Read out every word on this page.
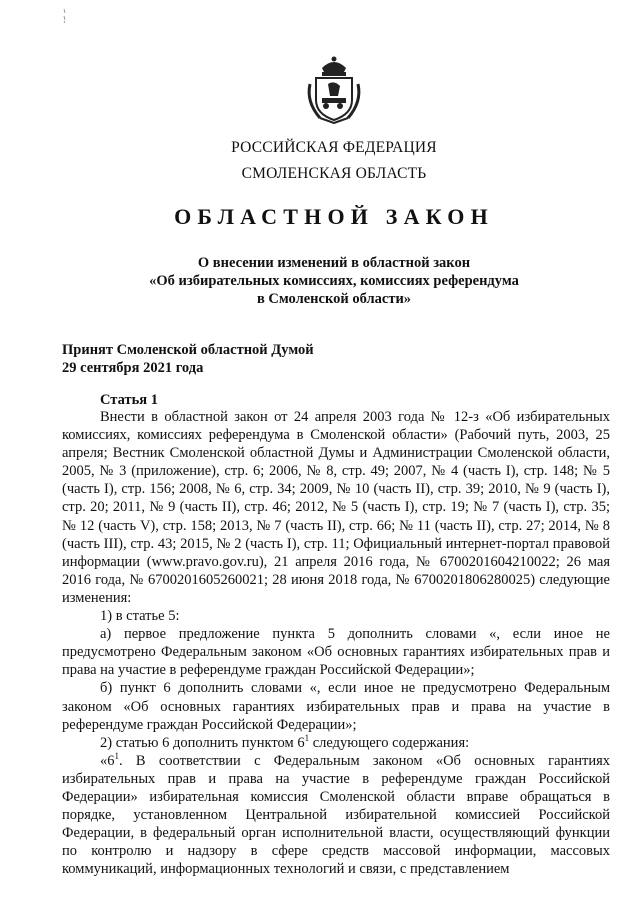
РОССИЙСКАЯ ФЕДЕРАЦИЯ
СМОЛЕНСКАЯ ОБЛАСТЬ
ОБЛАСТНОЙ ЗАКОН
О внесении изменений в областной закон
«Об избирательных комиссиях, комиссиях референдума
в Смоленской области»
Принят Смоленской областной Думой
29 сентября 2021 года
Статья 1

Внести в областной закон от 24 апреля 2003 года № 12-з «Об избирательных комиссиях, комиссиях референдума в Смоленской области» (Рабочий путь, 2003, 25 апреля; Вестник Смоленской областной Думы и Администрации Смоленской области, 2005, № 3 (приложение), стр. 6; 2006, № 8, стр. 49; 2007, № 4 (часть I), стр. 148; № 5 (часть I), стр. 156; 2008, № 6, стр. 34; 2009, № 10 (часть II), стр. 39; 2010, № 9 (часть I), стр. 20; 2011, № 9 (часть II), стр. 46; 2012, № 5 (часть I), стр. 19; № 7 (часть I), стр. 35; № 12 (часть V), стр. 158; 2013, № 7 (часть II), стр. 66; № 11 (часть II), стр. 27; 2014, № 8 (часть III), стр. 43; 2015, № 2 (часть I), стр. 11; Официальный интернет-портал правовой информации (www.pravo.gov.ru), 21 апреля 2016 года, № 6700201604210022; 26 мая 2016 года, № 6700201605260021; 28 июня 2018 года, № 6700201806280025) следующие изменения:

1) в статье 5:

а) первое предложение пункта 5 дополнить словами «, если иное не предусмотрено Федеральным законом «Об основных гарантиях избирательных прав и права на участие в референдуме граждан Российской Федерации»;

б) пункт 6 дополнить словами «, если иное не предусмотрено Федеральным законом «Об основных гарантиях избирательных прав и права на участие в референдуме граждан Российской Федерации»;

2) статью 6 дополнить пунктом $6^1$ следующего содержания:

«$6^1$. В соответствии с Федеральным законом «Об основных гарантиях избирательных прав и права на участие в референдуме граждан Российской Федерации» избирательная комиссия Смоленской области вправе обращаться в порядке, установленном Центральной избирательной комиссией Российской Федерации, в федеральный орган исполнительной власти, осуществляющий функции по контролю и надзору в сфере средств массовой информации, массовых коммуникаций, информационных технологий и связи, с представлением
